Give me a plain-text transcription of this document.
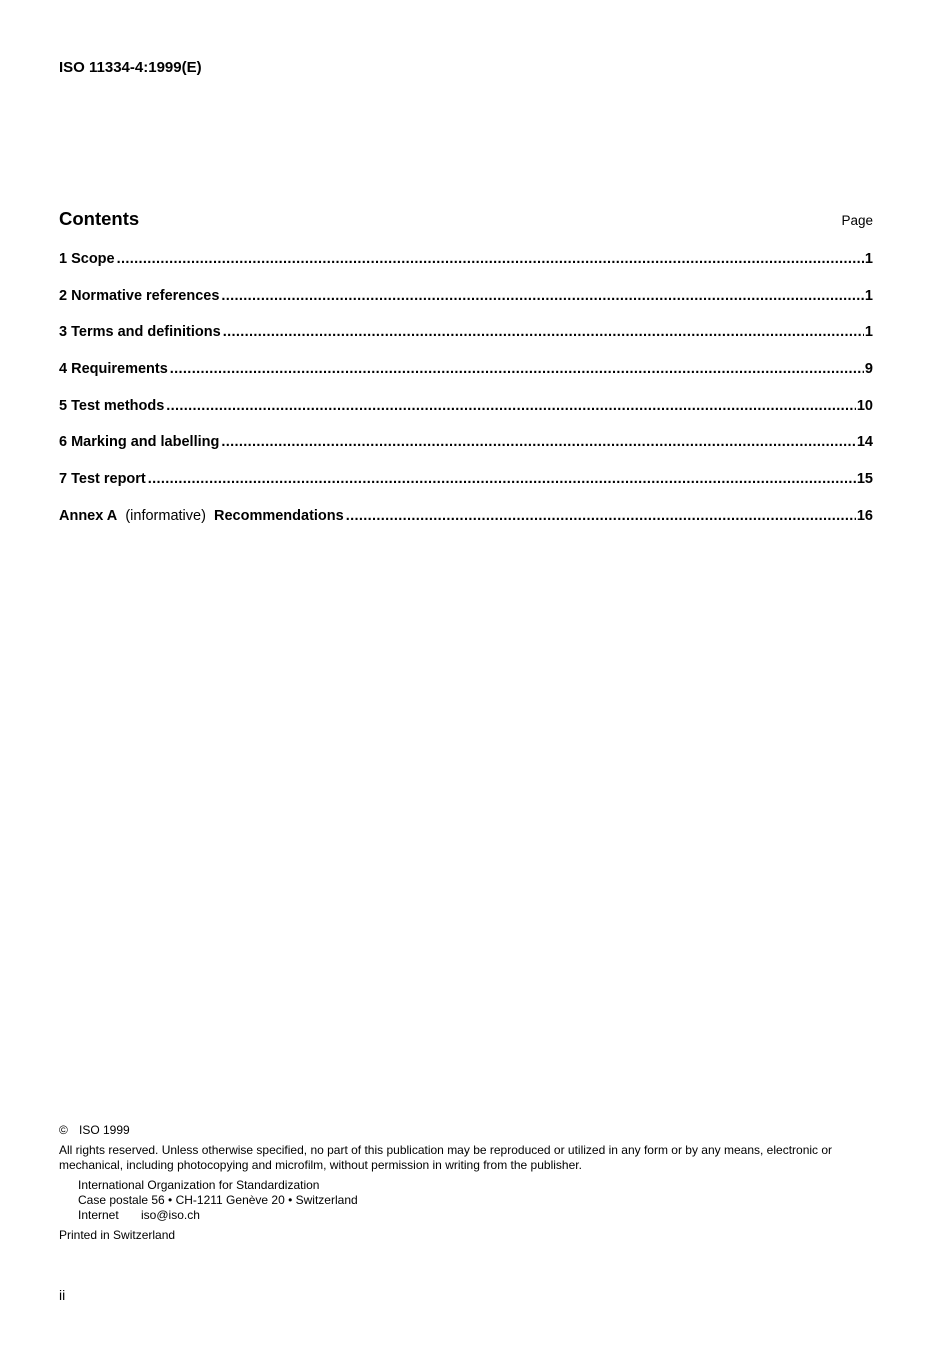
ISO 11334-4:1999(E)
Contents	Page
1 Scope .....	1
2 Normative references .....	1
3 Terms and definitions .....	1
4 Requirements .....	9
5 Test methods .....	10
6 Marking and labelling .....	14
7 Test report .....	15
Annex A (informative) Recommendations .....	16
© ISO 1999
All rights reserved. Unless otherwise specified, no part of this publication may be reproduced or utilized in any form or by any means, electronic or mechanical, including photocopying and microfilm, without permission in writing from the publisher.
International Organization for Standardization
Case postale 56 • CH-1211 Genève 20 • Switzerland
Internet iso@iso.ch
Printed in Switzerland
ii
